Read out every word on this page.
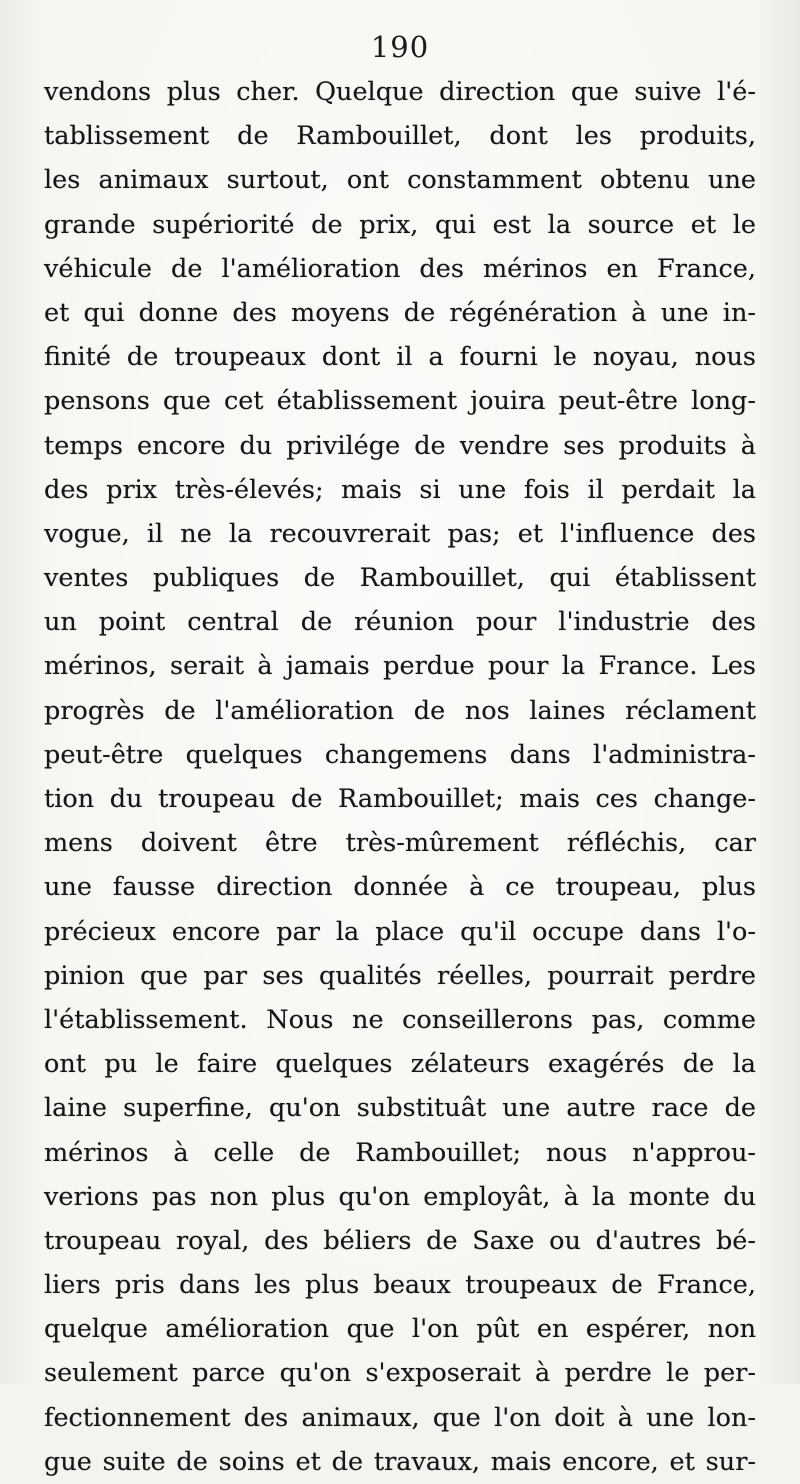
190
vendons plus cher. Quelque direction que suive l'é-
tablissement de Rambouillet, dont les produits,
les animaux surtout, ont constamment obtenu une
grande supériorité de prix, qui est la source et le
véhicule de l'amélioration des mérinos en France,
et qui donne des moyens de régénération à une in-
finité de troupeaux dont il a fourni le noyau, nous
pensons que cet établissement jouira peut-être long-
temps encore du privilége de vendre ses produits à
des prix très-élevés; mais si une fois il perdait la
vogue, il ne la recouvrerait pas; et l'influence des
ventes publiques de Rambouillet, qui établissent
un point central de réunion pour l'industrie des
mérinos, serait à jamais perdue pour la France. Les
progrès de l'amélioration de nos laines réclament
peut-être quelques changemens dans l'administra-
tion du troupeau de Rambouillet; mais ces change-
mens doivent être très-mûrement réfléchis, car
une fausse direction donnée à ce troupeau, plus
précieux encore par la place qu'il occupe dans l'o-
pinion que par ses qualités réelles, pourrait perdre
l'établissement. Nous ne conseillerons pas, comme
ont pu le faire quelques zélateurs exagérés de la
laine superfine, qu'on substituât une autre race de
mérinos à celle de Rambouillet; nous n'approu-
verions pas non plus qu'on employât, à la monte du
troupeau royal, des béliers de Saxe ou d'autres bé-
liers pris dans les plus beaux troupeaux de France,
quelque amélioration que l'on pût en espérer, non
seulement parce qu'on s'exposerait à perdre le per-
fectionnement des animaux, que l'on doit à une lon-
gue suite de soins et de travaux, mais encore, et sur-
